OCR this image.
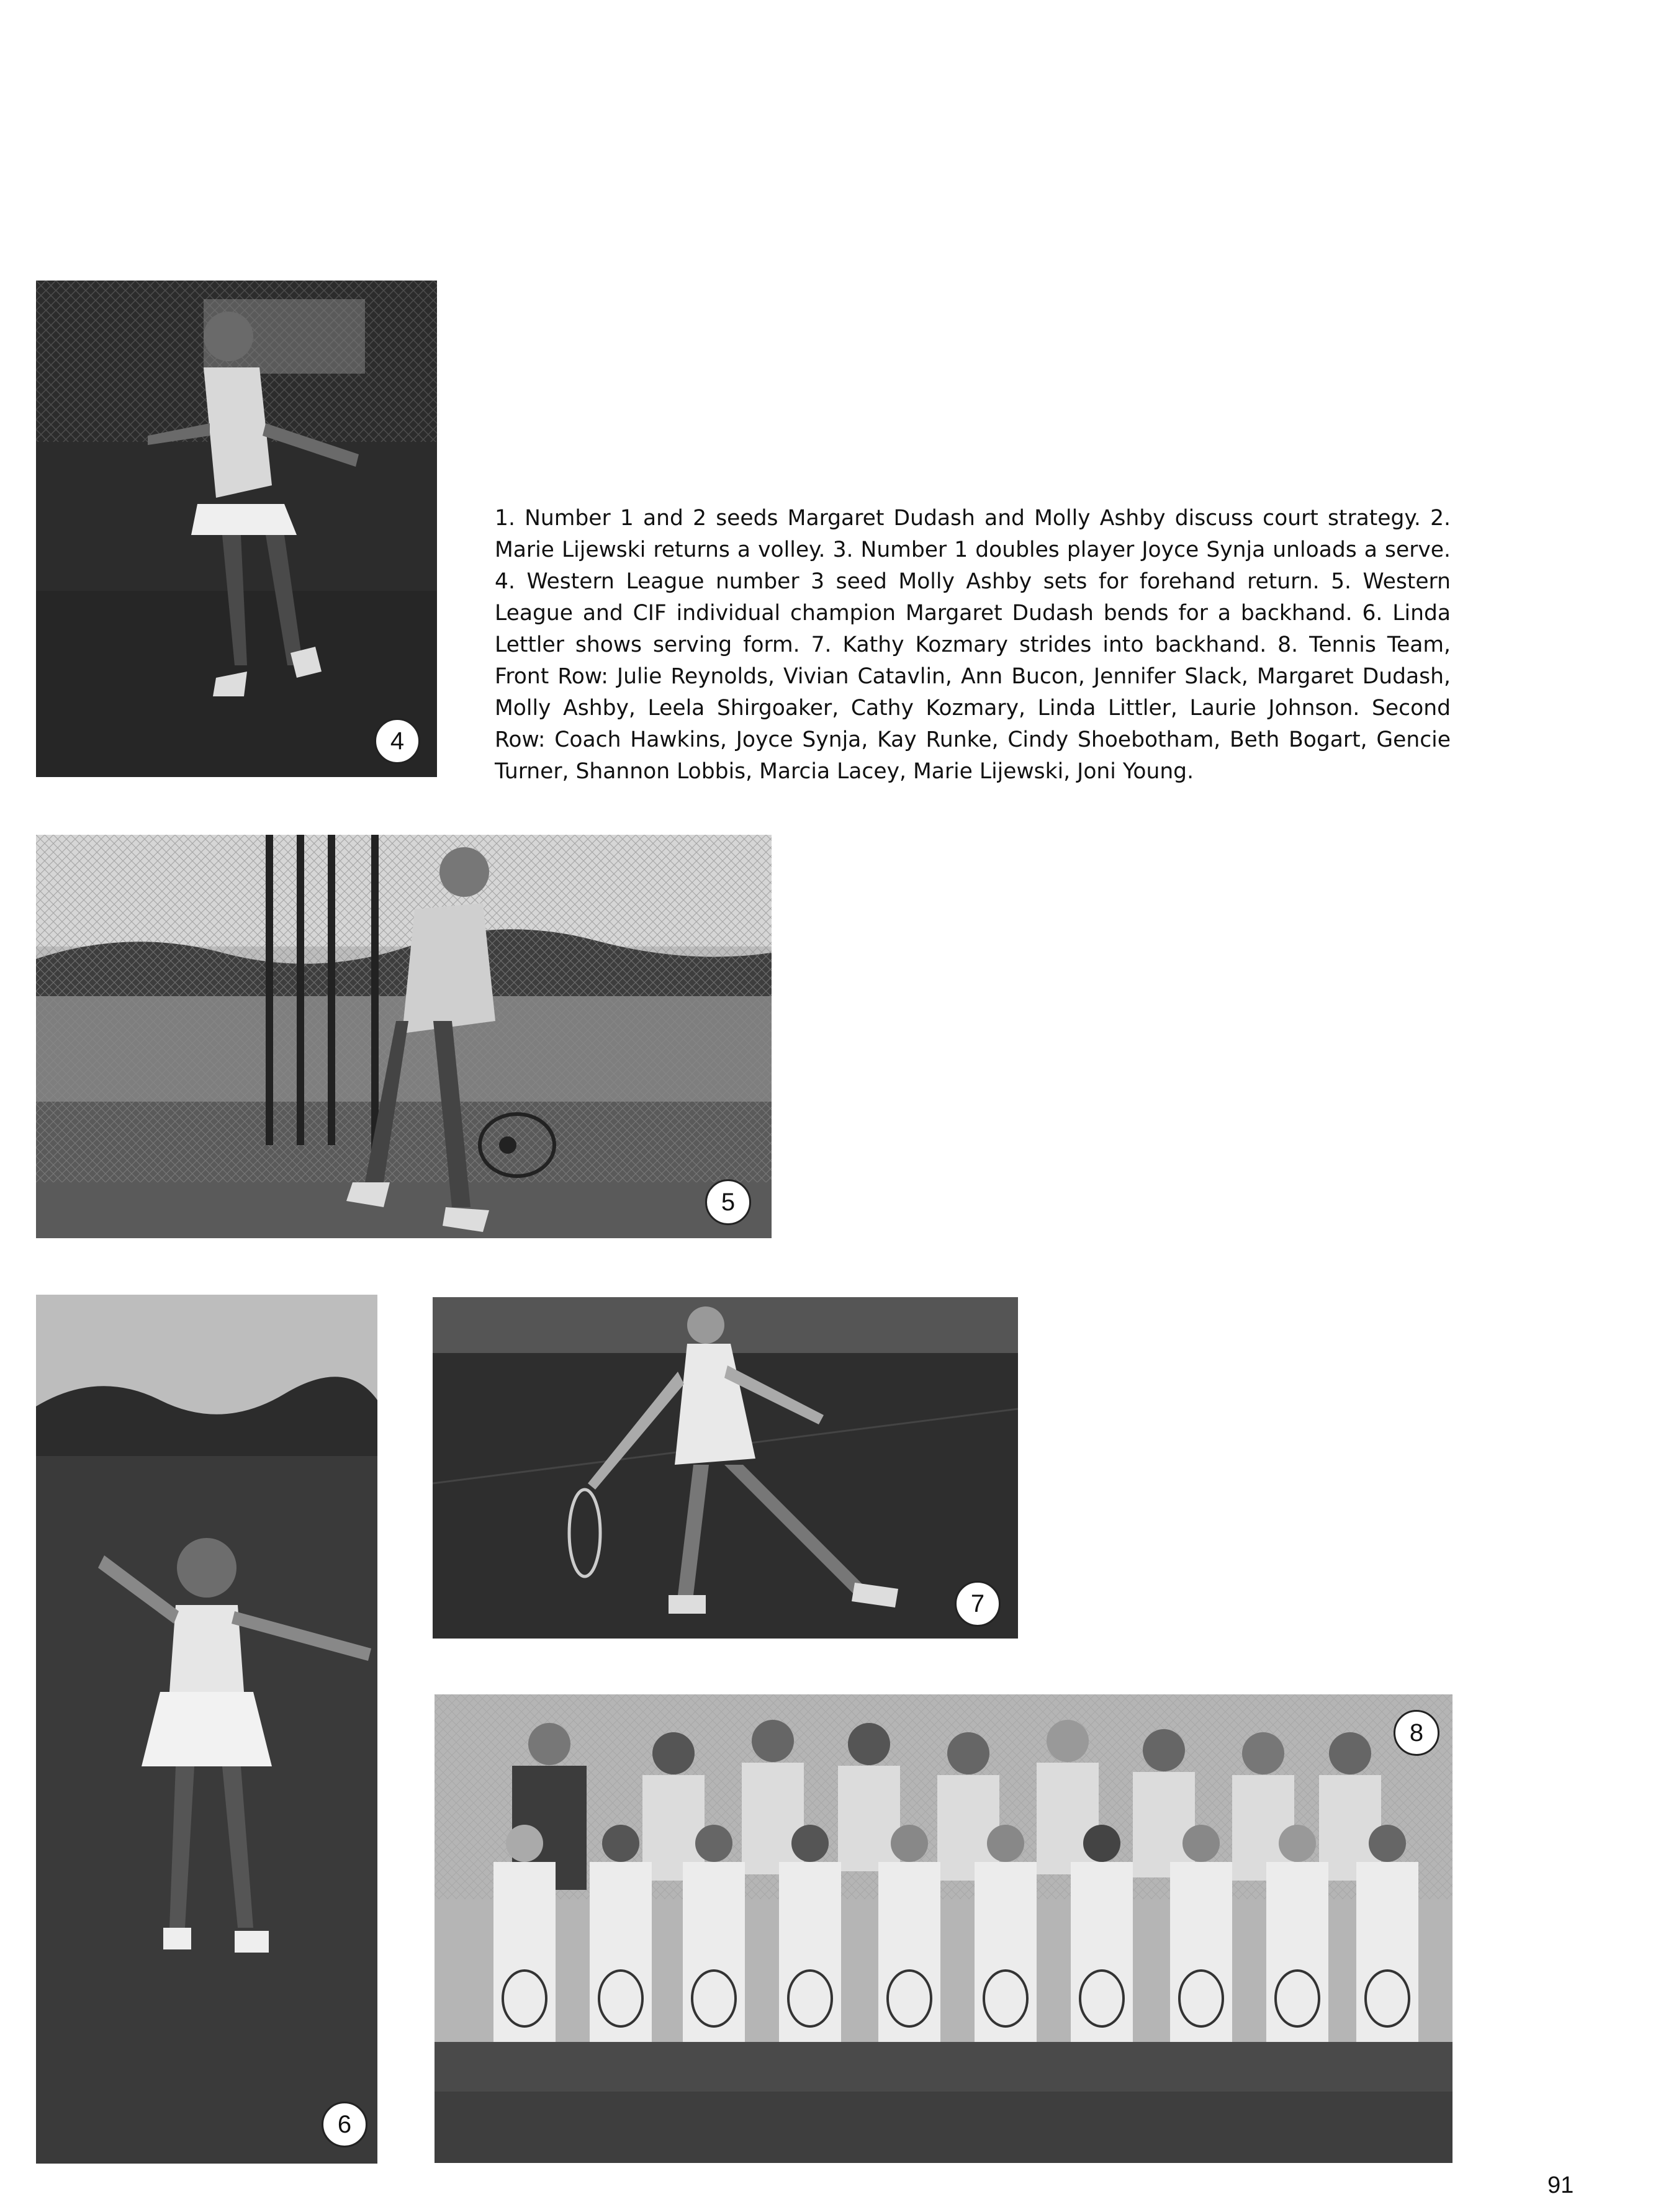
4
1. Number 1 and 2 seeds Margaret Dudash and Molly Ashby discuss court strategy. 2. Marie Lijewski returns a volley. 3. Number 1 doubles player Joyce Synja unloads a serve. 4. Western League number 3 seed Molly Ashby sets for forehand return. 5. Western League and CIF individual champion Margaret Dudash bends for a backhand. 6. Linda Lettler shows serving form. 7. Kathy Kozmary strides into backhand. 8. Tennis Team, Front Row: Julie Reynolds, Vivian Catavlin, Ann Bucon, Jennifer Slack, Margaret Dudash, Molly Ashby, Leela Shirgoaker, Cathy Kozmary, Linda Littler, Laurie Johnson. Second Row: Coach Hawkins, Joyce Synja, Kay Runke, Cindy Shoebotham, Beth Bogart, Gencie Turner, Shannon Lobbis, Marcia Lacey, Marie Lijewski, Joni Young.
5
6
7
8
91
